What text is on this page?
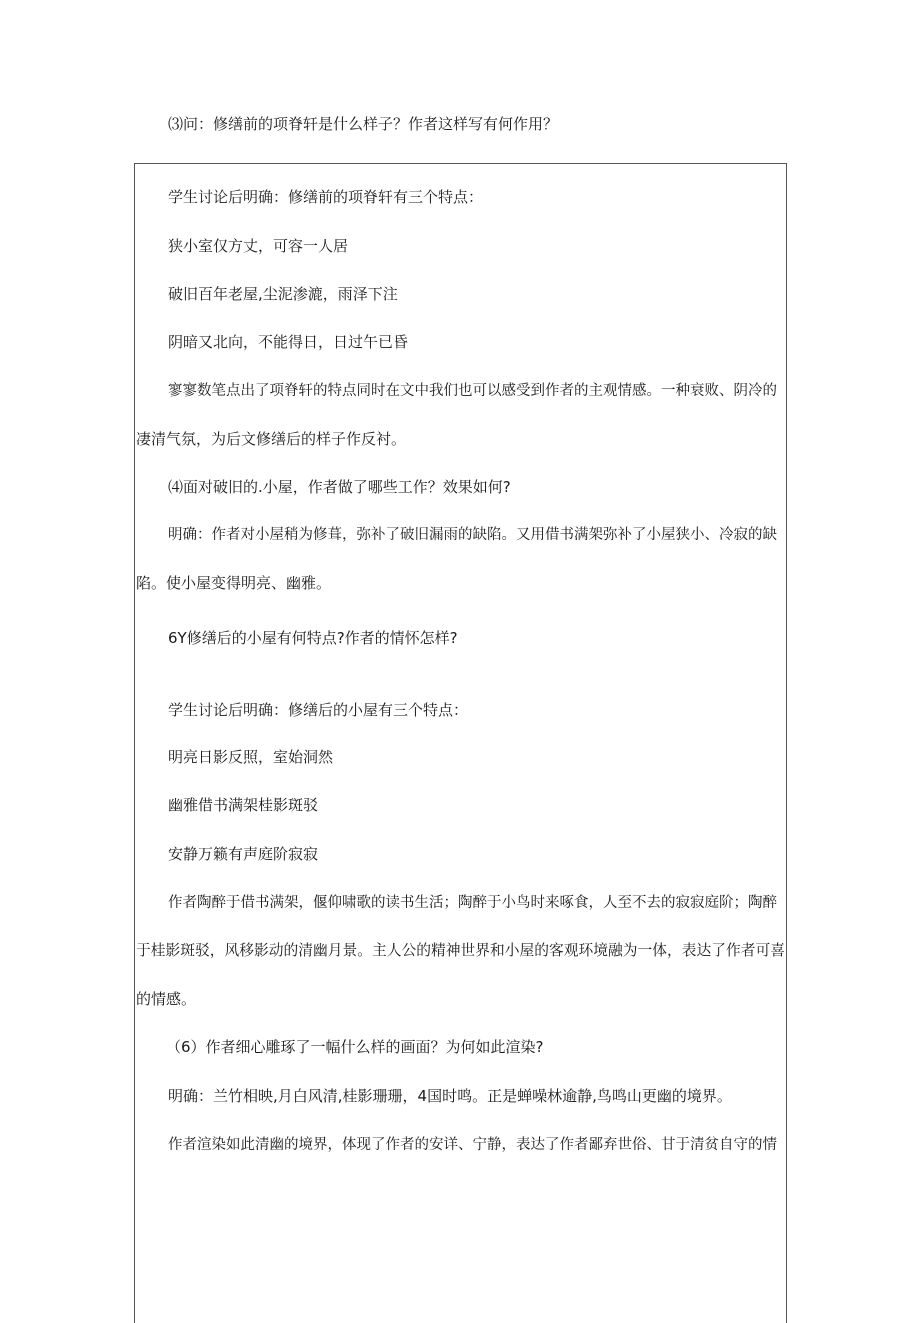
⑶问：修缮前的项脊轩是什么样子？作者这样写有何作用？
学生讨论后明确：修缮前的项脊轩有三个特点：
狭小室仅方丈，可容一人居
破旧百年老屋,尘泥渗漉，雨泽下注
阴暗又北向，不能得日，日过午已昏
寥寥数笔点出了项脊轩的特点同时在文中我们也可以感受到作者的主观情感。一种衰败、阴冷的
凄清气氛，为后文修缮后的样子作反衬。
⑷面对破旧的.小屋，作者做了哪些工作？效果如何?
明确：作者对小屋稍为修葺，弥补了破旧漏雨的缺陷。又用借书满架弥补了小屋狭小、冷寂的缺
陷。使小屋变得明亮、幽雅。
6Y修缮后的小屋有何特点?作者的情怀怎样?
学生讨论后明确：修缮后的小屋有三个特点：
明亮日影反照，室始洞然
幽雅借书满架桂影斑驳
安静万籁有声庭阶寂寂
作者陶醉于借书满架，偃仰啸歌的读书生活；陶醉于小鸟时来啄食，人至不去的寂寂庭阶；陶醉
于桂影斑驳，风移影动的清幽月景。主人公的精神世界和小屋的客观环境融为一体，表达了作者可喜
的情感。
（6）作者细心雕琢了一幅什么样的画面？为何如此渲染?
明确：兰竹相映,月白风清,桂影珊珊，4国时鸣。正是蝉噪林逾静,鸟鸣山更幽的境界。
作者渲染如此清幽的境界，体现了作者的安详、宁静，表达了作者鄙弃世俗、甘于清贫自守的情
